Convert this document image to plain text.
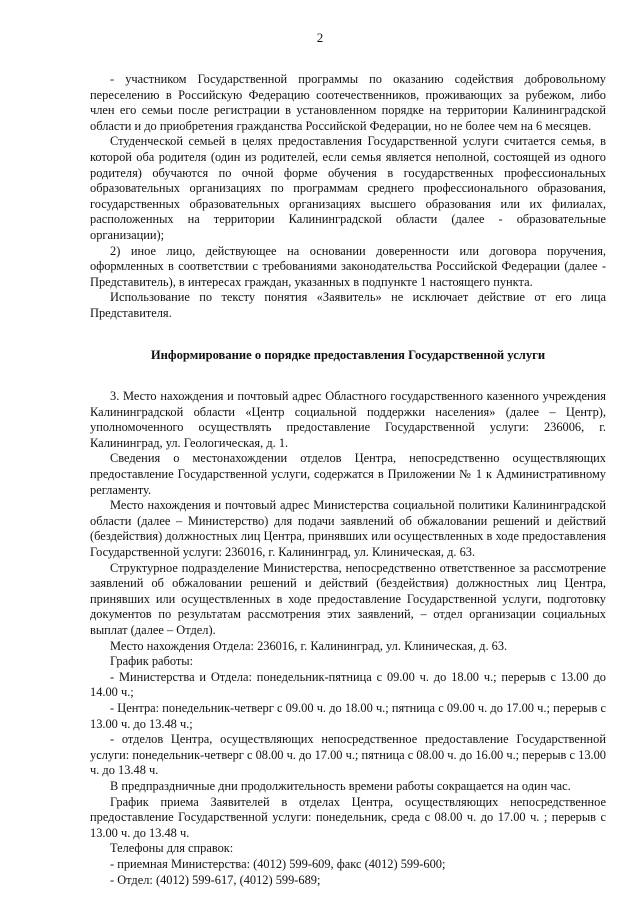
2

- участником Государственной программы по оказанию содействия добровольному переселению в Российскую Федерацию соотечественников, проживающих за рубежом, либо член его семьи после регистрации в установленном порядке на территории Калининградской области и до приобретения гражданства Российской Федерации, но не более чем на 6 месяцев.

Студенческой семьей в целях предоставления Государственной услуги считается семья, в которой оба родителя (один из родителей, если семья является неполной, состоящей из одного родителя) обучаются по очной форме обучения в государственных профессиональных образовательных организациях по программам среднего профессионального образования, государственных образовательных организациях высшего образования или их филиалах, расположенных на территории Калининградской области (далее - образовательные организации);

2) иное лицо, действующее на основании доверенности или договора поручения, оформленных в соответствии с требованиями законодательства Российской Федерации (далее - Представитель), в интересах граждан, указанных в подпункте 1 настоящего пункта.

Использование по тексту понятия «Заявитель» не исключает действие от его лица Представителя.

Информирование о порядке предоставления Государственной услуги

3. Место нахождения и почтовый адрес Областного государственного казенного учреждения Калининградской области «Центр социальной поддержки населения» (далее – Центр), уполномоченного осуществлять предоставление Государственной услуги: 236006, г. Калининград, ул. Геологическая, д. 1.

Сведения о местонахождении отделов Центра, непосредственно осуществляющих предоставление Государственной услуги, содержатся в Приложении № 1 к Административному регламенту.

Место нахождения и почтовый адрес Министерства социальной политики Калининградской области (далее – Министерство) для подачи заявлений об обжаловании решений и действий (бездействия) должностных лиц Центра, принявших или осуществленных в ходе предоставления Государственной услуги: 236016, г. Калининград, ул. Клиническая, д. 63.

Структурное подразделение Министерства, непосредственно ответственное за рассмотрение заявлений об обжаловании решений и действий (бездействия) должностных лиц Центра, принявших или осуществленных в ходе предоставление Государственной услуги, подготовку документов по результатам рассмотрения этих заявлений, – отдел организации социальных выплат (далее – Отдел).

Место нахождения Отдела: 236016, г. Калининград, ул. Клиническая, д. 63.

График работы:

- Министерства и Отдела: понедельник-пятница с 09.00 ч. до 18.00 ч.; перерыв с 13.00 до 14.00 ч.;

- Центра: понедельник-четверг с 09.00 ч. до 18.00 ч.; пятница с 09.00 ч. до 17.00 ч.; перерыв с 13.00 ч. до 13.48 ч.;

- отделов Центра, осуществляющих непосредственное предоставление Государственной услуги: понедельник-четверг с 08.00 ч. до 17.00 ч.; пятница с 08.00 ч. до 16.00 ч.; перерыв с 13.00 ч. до 13.48 ч.

В предпраздничные дни продолжительность времени работы сокращается на один час.

График приема Заявителей в отделах Центра, осуществляющих непосредственное предоставление Государственной услуги: понедельник, среда с 08.00 ч. до 17.00 ч. ; перерыв с 13.00 ч. до 13.48 ч.

Телефоны для справок:

- приемная Министерства: (4012) 599-609, факс (4012) 599-600;

- Отдел: (4012) 599-617, (4012) 599-689;
